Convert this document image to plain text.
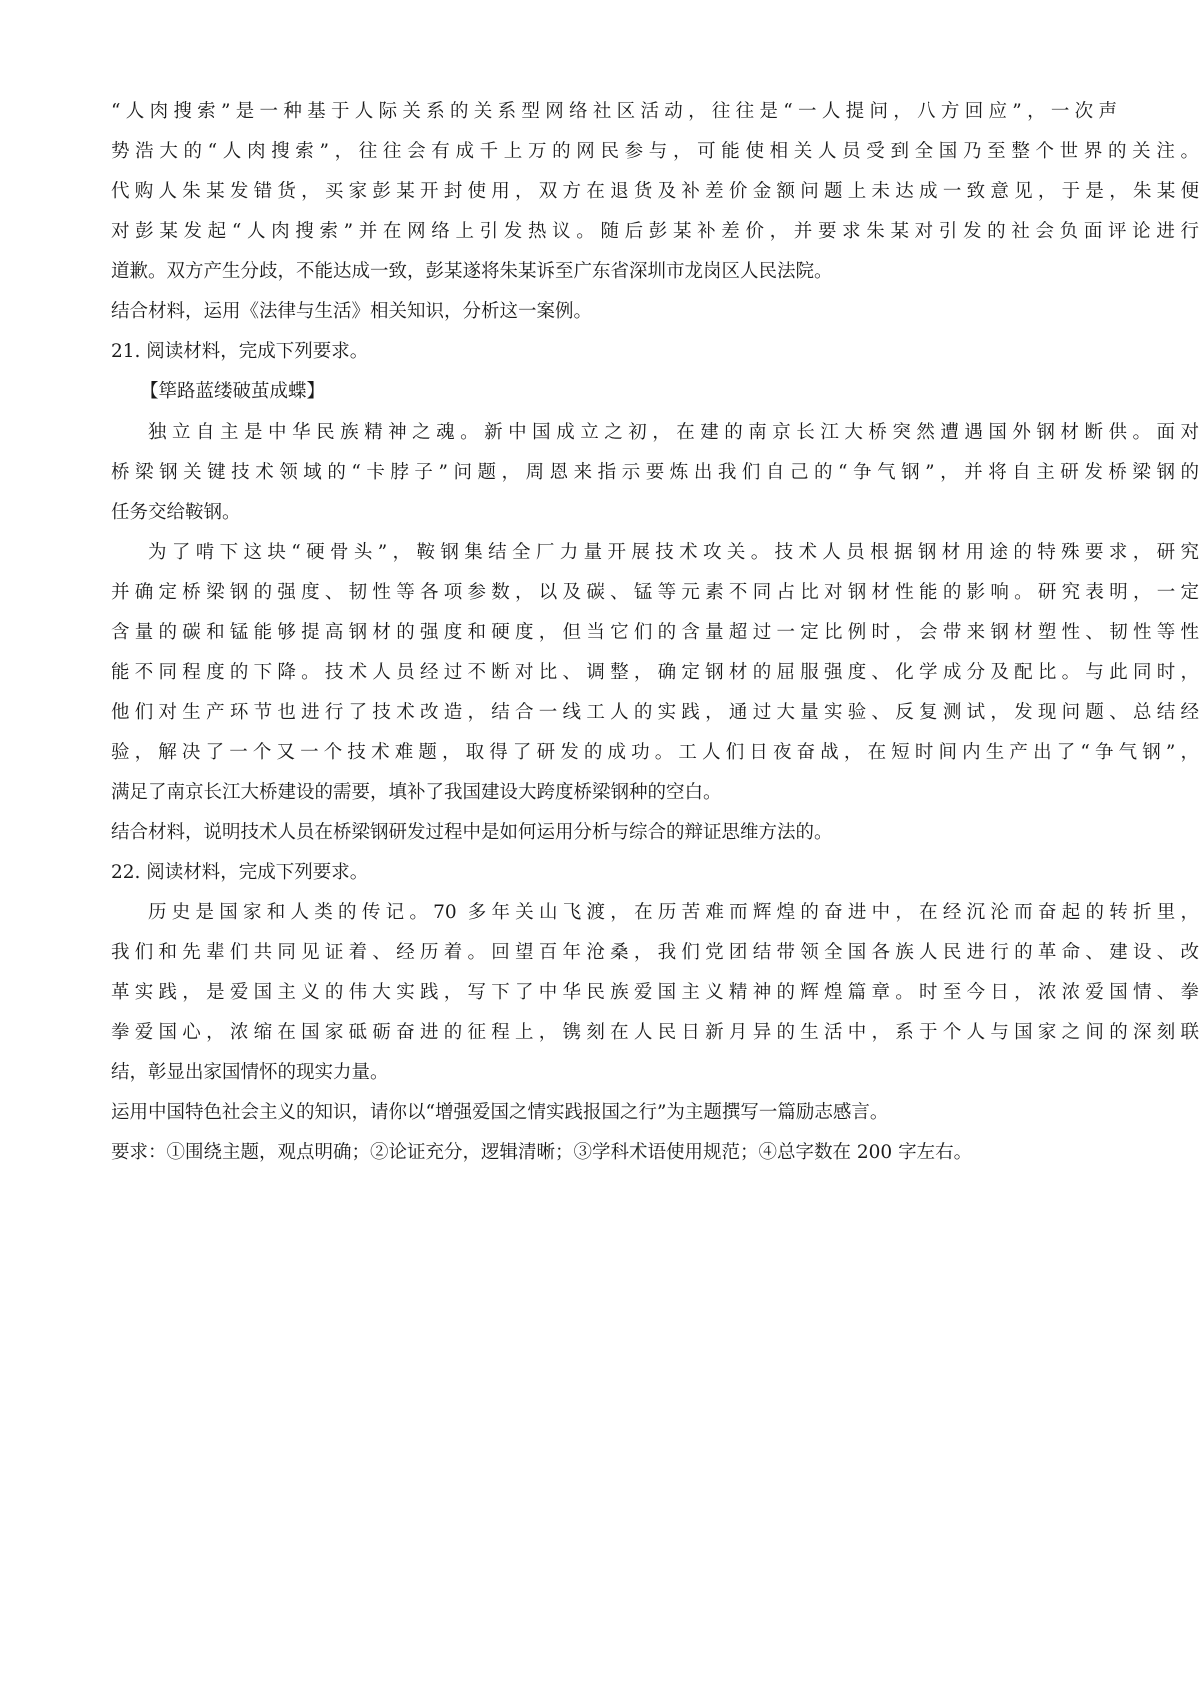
“人肉搜索”是一种基于人际关系的关系型网络社区活动，往往是“一人提问，八方回应”，一次声

势浩大的“人肉搜索”，往往会有成千上万的网民参与，可能使相关人员受到全国乃至整个世界的关注。

代购人朱某发错货，买家彭某开封使用，双方在退货及补差价金额问题上未达成一致意见，于是，朱某便

对彭某发起“人肉搜索”并在网络上引发热议。随后彭某补差价，并要求朱某对引发的社会负面评论进行

道歉。双方产生分歧，不能达成一致，彭某遂将朱某诉至广东省深圳市龙岗区人民法院。

结合材料，运用《法律与生活》相关知识，分析这一案例。

21. 阅读材料，完成下列要求。

【筚路蓝缕破茧成蝶】

独立自主是中华民族精神之魂。新中国成立之初，在建的南京长江大桥突然遭遇国外钢材断供。面对

桥梁钢关键技术领域的“卡脖子”问题，周恩来指示要炼出我们自己的“争气钢”，并将自主研发桥梁钢的

任务交给鞍钢。

为了啃下这块“硬骨头”，鞍钢集结全厂力量开展技术攻关。技术人员根据钢材用途的特殊要求，研究

并确定桥梁钢的强度、韧性等各项参数，以及碳、锰等元素不同占比对钢材性能的影响。研究表明，一定

含量的碳和锰能够提高钢材的强度和硬度，但当它们的含量超过一定比例时，会带来钢材塑性、韧性等性

能不同程度的下降。技术人员经过不断对比、调整，确定钢材的屈服强度、化学成分及配比。与此同时，

他们对生产环节也进行了技术改造，结合一线工人的实践，通过大量实验、反复测试，发现问题、总结经

验，解决了一个又一个技术难题，取得了研发的成功。工人们日夜奋战，在短时间内生产出了“争气钢”，

满足了南京长江大桥建设的需要，填补了我国建设大跨度桥梁钢种的空白。

结合材料，说明技术人员在桥梁钢研发过程中是如何运用分析与综合的辩证思维方法的。

22. 阅读材料，完成下列要求。

历史是国家和人类的传记。70 多年关山飞渡，在历苦难而辉煌的奋进中，在经沉沦而奋起的转折里，

我们和先辈们共同见证着、经历着。回望百年沧桑，我们党团结带领全国各族人民进行的革命、建设、改

革实践，是爱国主义的伟大实践，写下了中华民族爱国主义精神的辉煌篇章。时至今日，浓浓爱国情、拳

拳爱国心，浓缩在国家砥砺奋进的征程上，镌刻在人民日新月异的生活中，系于个人与国家之间的深刻联

结，彰显出家国情怀的现实力量。

运用中国特色社会主义的知识，请你以“增强爱国之情实践报国之行”为主题撰写一篇励志感言。

要求：①围绕主题，观点明确；②论证充分，逻辑清晰；③学科术语使用规范；④总字数在 200 字左右。
